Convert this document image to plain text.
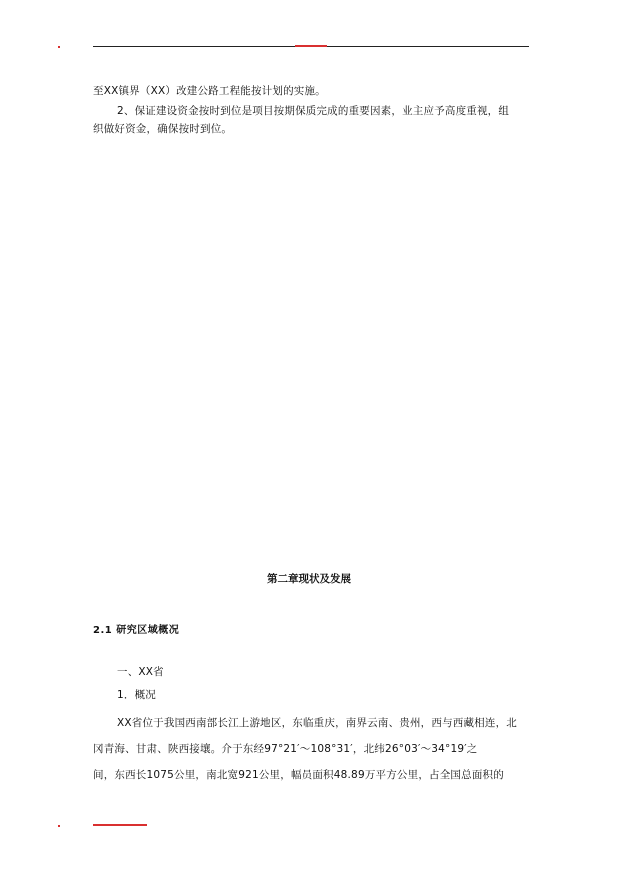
至XX镇界（XX）改建公路工程能按计划的实施。
2、保证建设资金按时到位是项目按期保质完成的重要因素，业主应予高度重视，组
织做好资金，确保按时到位。
第二章现状及发展
2.1 研究区域概况
一、XX省
1．概况
XX省位于我国西南部长江上游地区，东临重庆，南界云南、贵州，西与西藏相连，北
冈青海、甘肃、陕西接壤。介于东经97°21′～108°31′，北纬26°03′～34°19′之
间，东西长1075公里，南北宽921公里，幅员面积48.89万平方公里，占全国总面积的
